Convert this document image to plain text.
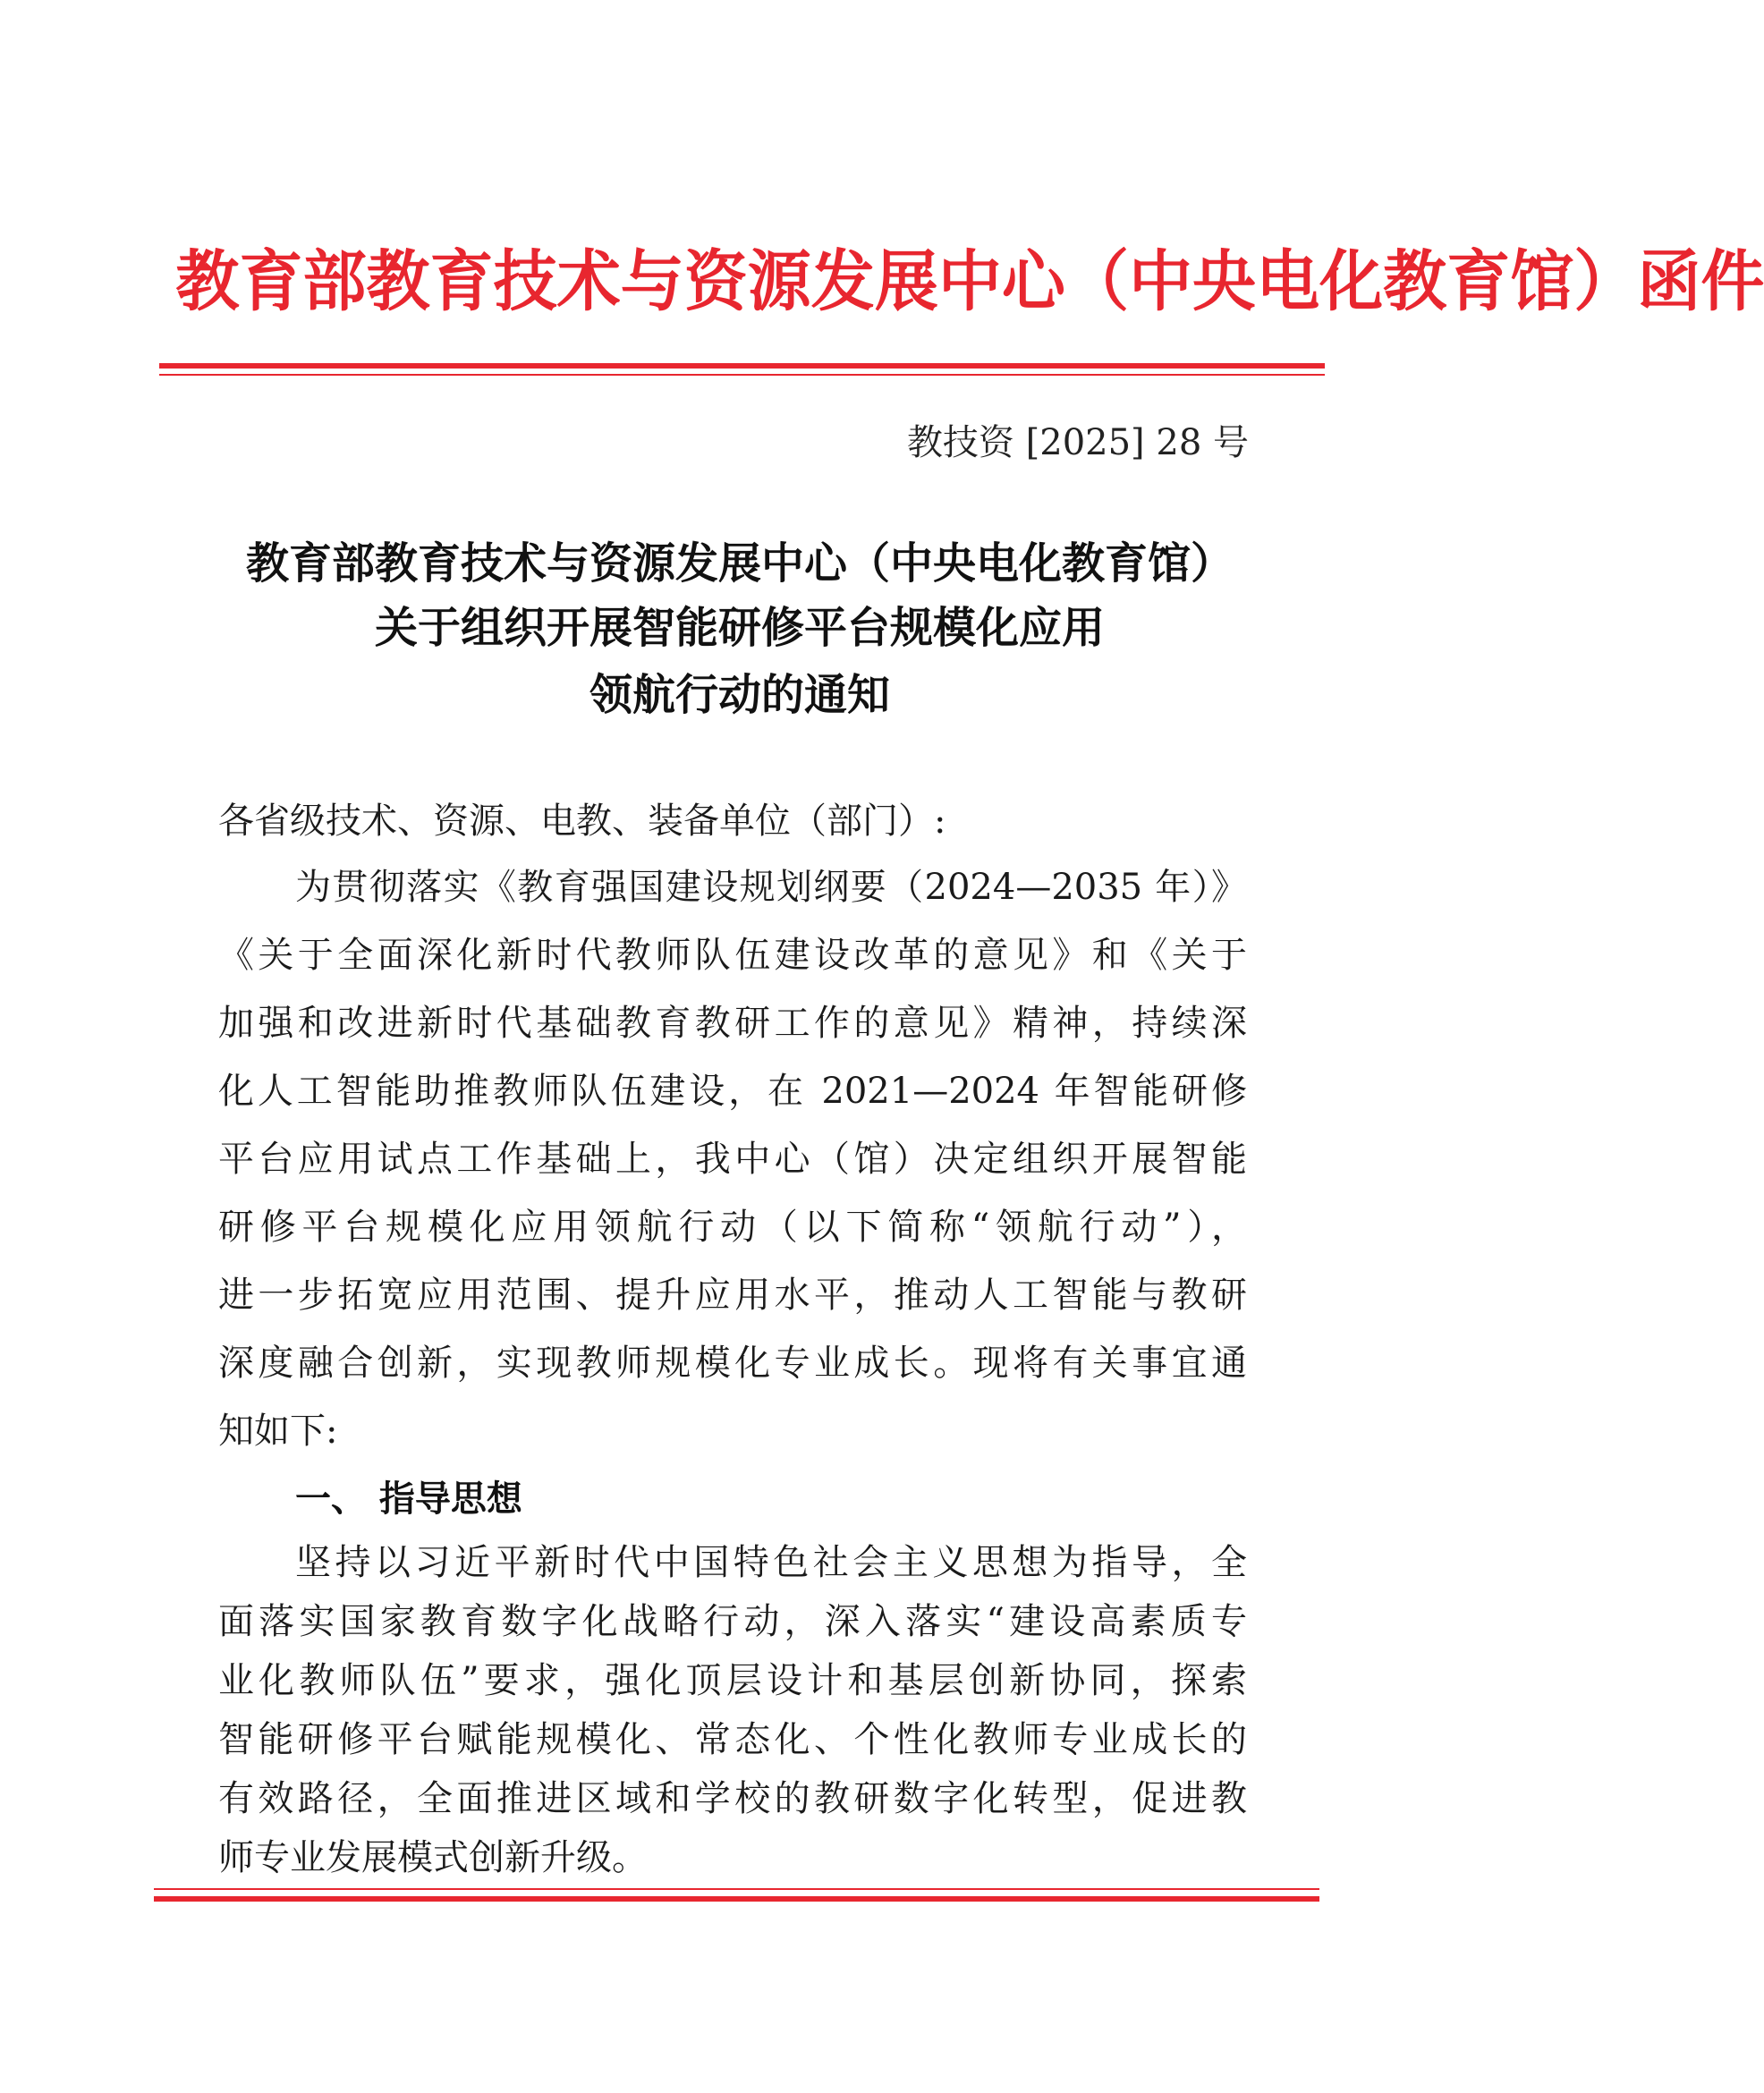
教育部教育技术与资源发展中心（中央电化教育馆）函件
教技资 [2025] 28 号
教育部教育技术与资源发展中心（中央电化教育馆）
关于组织开展智能研修平台规模化应用
领航行动的通知
各省级技术、资源、电教、装备单位（部门）:
为贯彻落实《教育强国建设规划纲要（2024—2035 年）》
《关于全面深化新时代教师队伍建设改革的意见》和《关于
加强和改进新时代基础教育教研工作的意见》精神，持续深
化人工智能助推教师队伍建设，在 2021—2024 年智能研修
平台应用试点工作基础上，我中心（馆）决定组织开展智能
研修平台规模化应用领航行动（以下简称“领航行动”），
进一步拓宽应用范围、提升应用水平，推动人工智能与教研
深度融合创新，实现教师规模化专业成长。现将有关事宜通
知如下:
一、 指导思想
坚持以习近平新时代中国特色社会主义思想为指导，全
面落实国家教育数字化战略行动，深入落实“建设高素质专
业化教师队伍”要求，强化顶层设计和基层创新协同，探索
智能研修平台赋能规模化、常态化、个性化教师专业成长的
有效路径，全面推进区域和学校的教研数字化转型，促进教
师专业发展模式创新升级。
